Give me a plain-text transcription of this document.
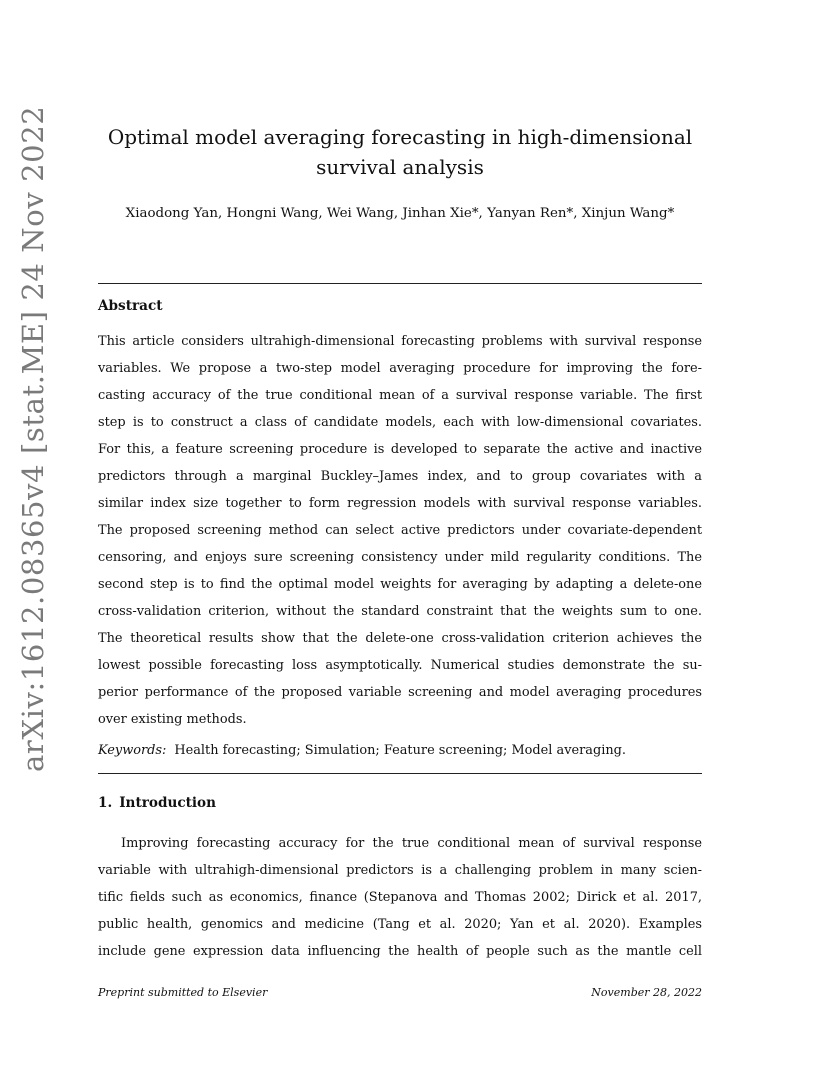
arXiv:1612.08365v4 [stat.ME] 24 Nov 2022	Optimal model averaging forecasting in high-dimensional
survival analysis
Xiaodong Yan, Hongni Wang, Wei Wang, Jinhan Xie*, Yanyan Ren*, Xinjun Wang*
Abstract
This article considers ultrahigh-dimensional forecasting problems with survival response
variables. We propose a two-step model averaging procedure for improving the fore-
casting accuracy of the true conditional mean of a survival response variable. The first
step is to construct a class of candidate models, each with low-dimensional covariates.
For this, a feature screening procedure is developed to separate the active and inactive
predictors through a marginal Buckley–James index, and to group covariates with a
similar index size together to form regression models with survival response variables.
The proposed screening method can select active predictors under covariate-dependent
censoring, and enjoys sure screening consistency under mild regularity conditions. The
second step is to find the optimal model weights for averaging by adapting a delete-one
cross-validation criterion, without the standard constraint that the weights sum to one.
The theoretical results show that the delete-one cross-validation criterion achieves the
lowest possible forecasting loss asymptotically. Numerical studies demonstrate the su-
perior performance of the proposed variable screening and model averaging procedures
over existing methods.
Keywords: Health forecasting; Simulation; Feature screening; Model averaging.
1. Introduction
Improving forecasting accuracy for the true conditional mean of survival response
variable with ultrahigh-dimensional predictors is a challenging problem in many scien-
tific fields such as economics, finance (Stepanova and Thomas 2002; Dirick et al. 2017,
public health, genomics and medicine (Tang et al. 2020; Yan et al. 2020). Examples
include gene expression data influencing the health of people such as the mantle cell
Preprint submitted to Elsevier	November 28, 2022
